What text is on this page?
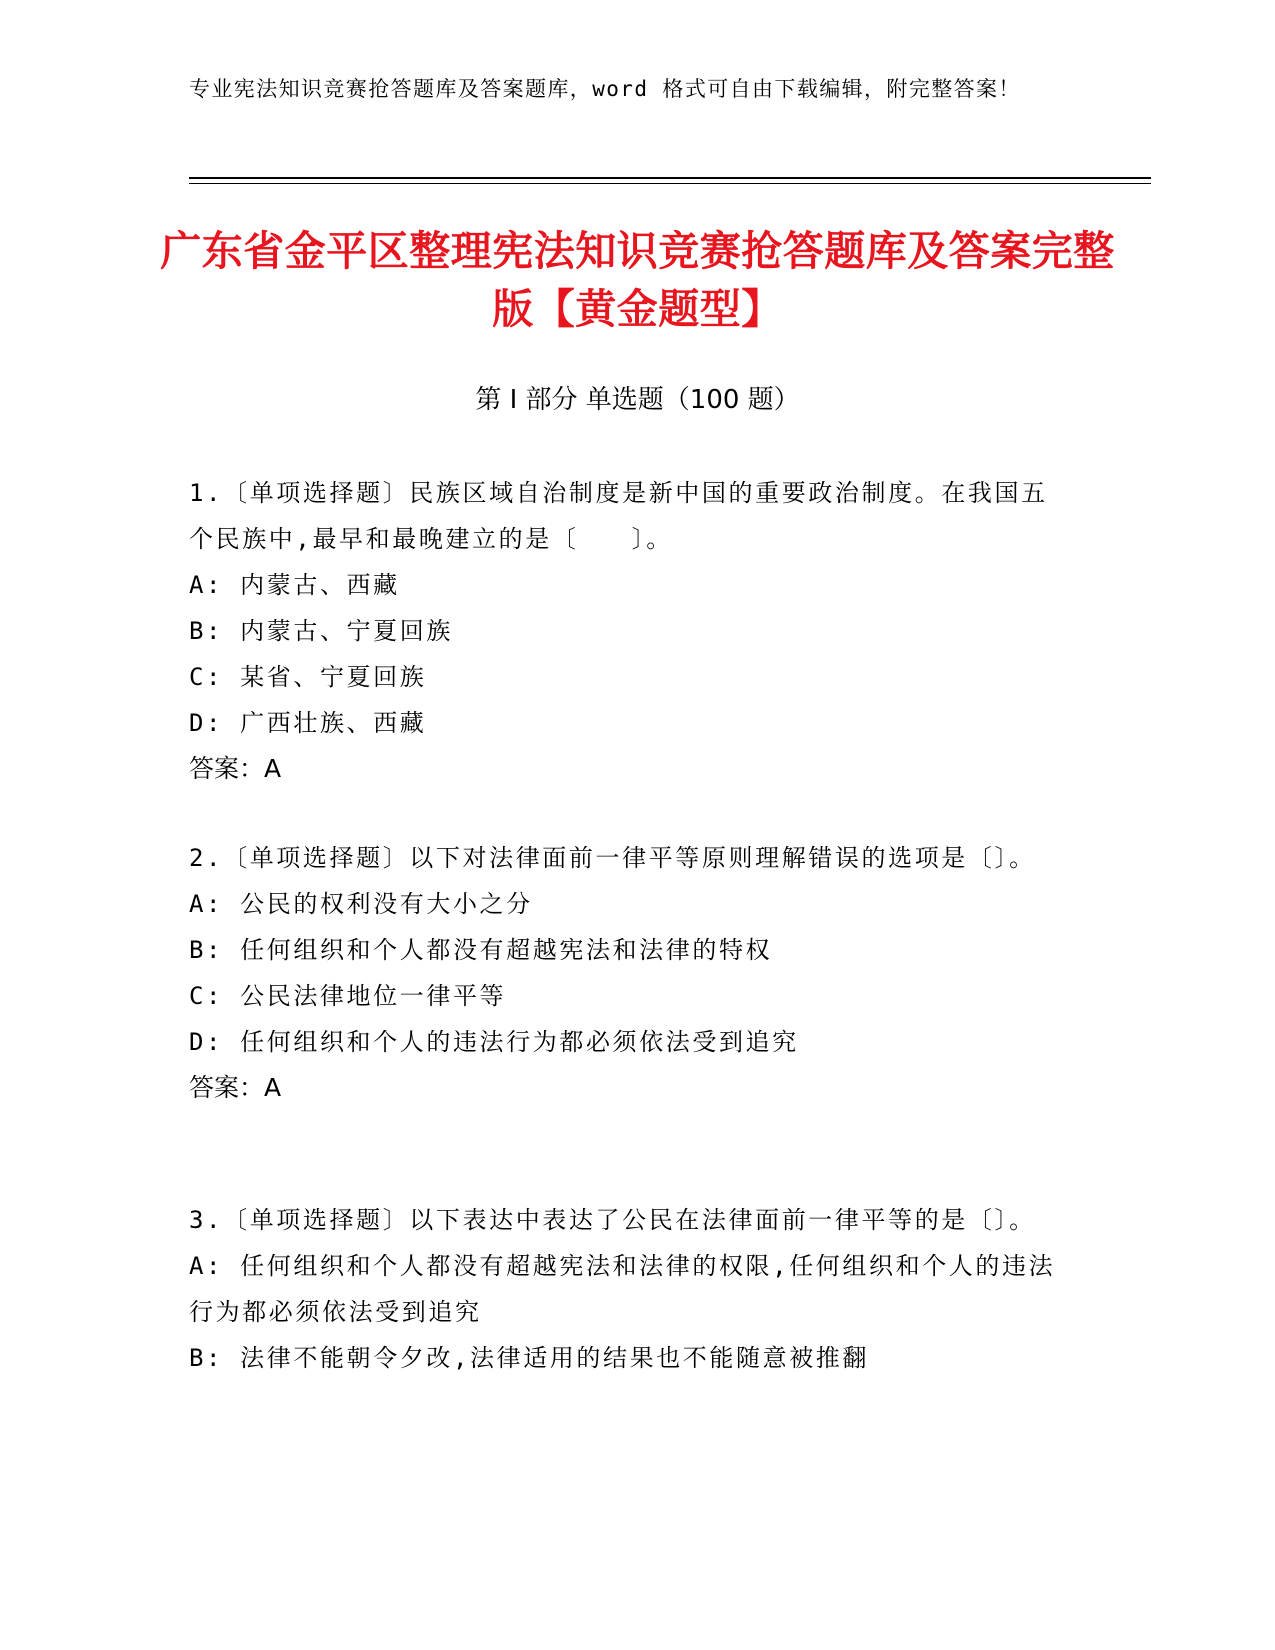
专业宪法知识竞赛抢答题库及答案题库，word 格式可自由下载编辑，附完整答案！
广东省金平区整理宪法知识竞赛抢答题库及答案完整版【黄金题型】
第 I 部分 单选题（100 题）

1.〔单项选择题〕民族区域自治制度是新中国的重要政治制度。在我国五个民族中,最早和最晚建立的是〔　　〕。

A: 内蒙古、西藏

B: 内蒙古、宁夏回族

C: 某省、宁夏回族

D: 广西壮族、西藏

答案：A

2.〔单项选择题〕以下对法律面前一律平等原则理解错误的选项是〔〕。

A: 公民的权利没有大小之分

B: 任何组织和个人都没有超越宪法和法律的特权

C: 公民法律地位一律平等

D: 任何组织和个人的违法行为都必须依法受到追究

答案：A

3.〔单项选择题〕以下表达中表达了公民在法律面前一律平等的是〔〕。

A: 任何组织和个人都没有超越宪法和法律的权限,任何组织和个人的违法行为都必须依法受到追究

B: 法律不能朝令夕改,法律适用的结果也不能随意被推翻
